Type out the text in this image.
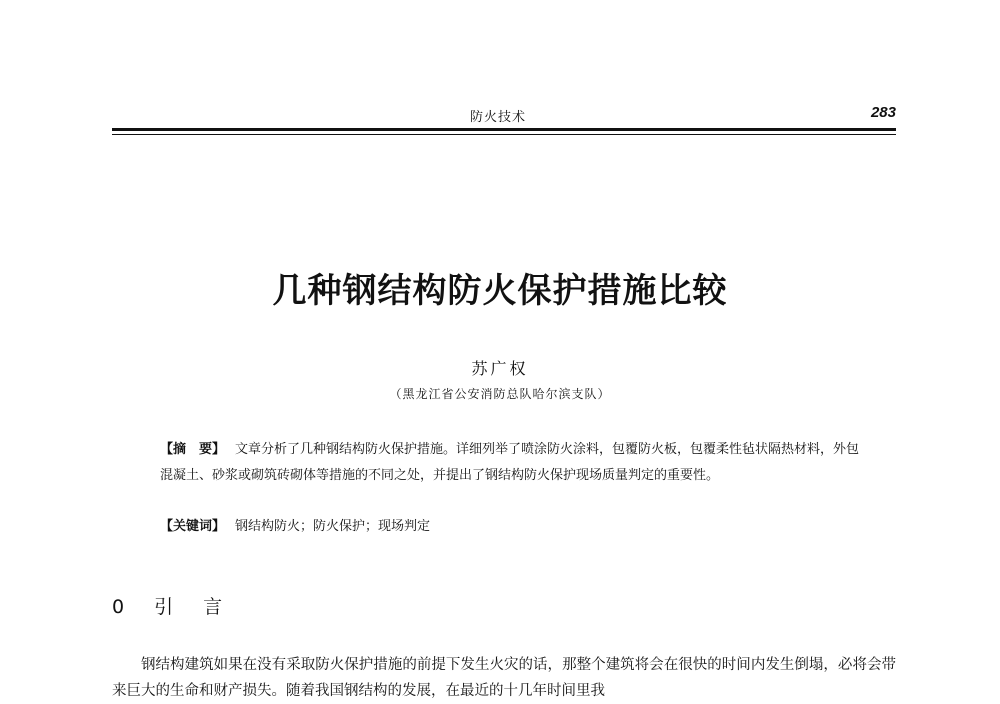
防火技术	283
几种钢结构防火保护措施比较
苏广权
（黑龙江省公安消防总队哈尔滨支队）
【摘　要】 文章分析了几种钢结构防火保护措施。详细列举了喷涂防火涂料，包覆防火板，包覆柔性毡状隔热材料，外包混凝土、砂浆或砌筑砖砌体等措施的不同之处，并提出了钢结构防火保护现场质量判定的重要性。
【关键词】 钢结构防火；防火保护；现场判定
0 引 言
钢结构建筑如果在没有采取防火保护措施的前提下发生火灾的话，那整个建筑将会在很快的时间内发生倒塌，必将会带来巨大的生命和财产损失。随着我国钢结构的发展，在最近的十几年时间里我
